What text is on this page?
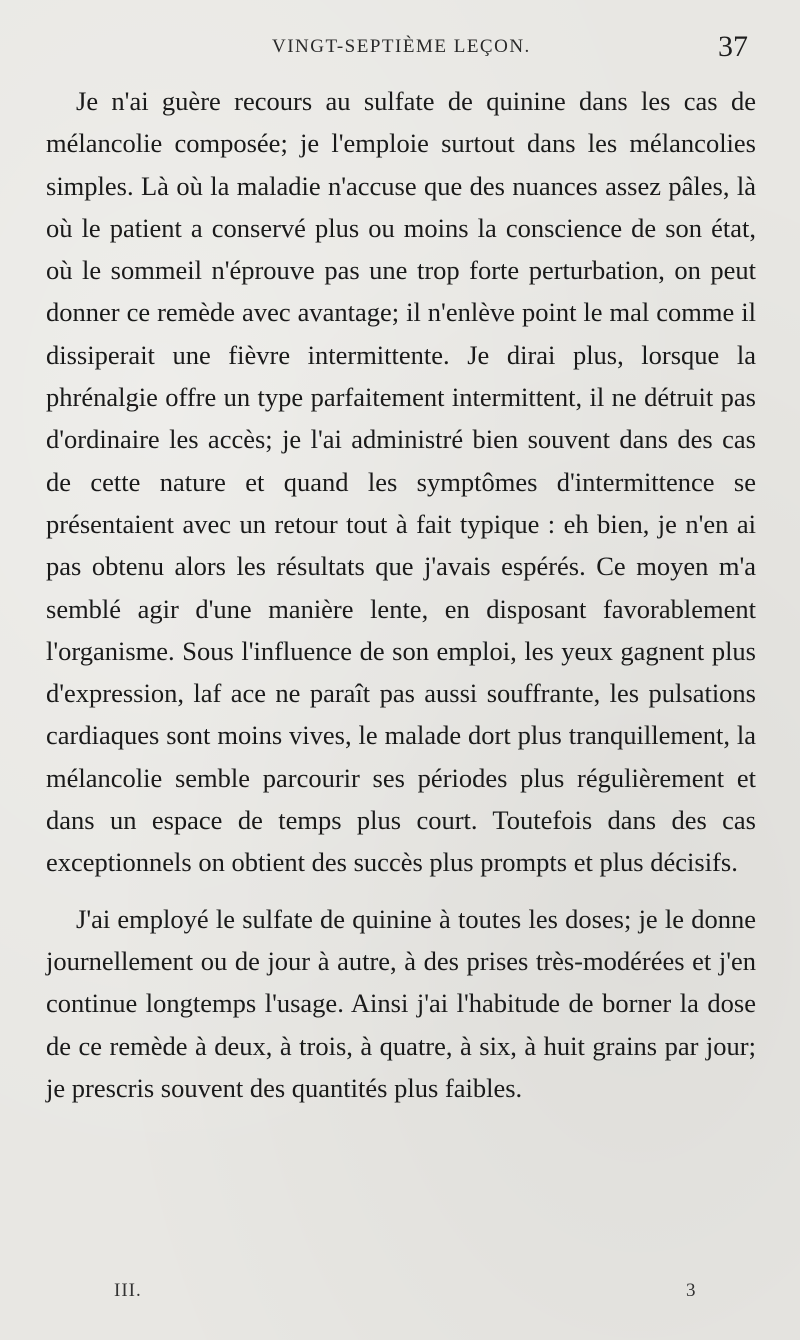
VINGT-SEPTIÈME LEÇON.	37

Je n'ai guère recours au sulfate de quinine dans les cas de mélancolie composée; je l'emploie surtout dans les mélancolies simples. Là où la maladie n'accuse que des nuances assez pâles, là où le patient a conservé plus ou moins la conscience de son état, où le sommeil n'éprouve pas une trop forte perturbation, on peut donner ce remède avec avantage; il n'enlève point le mal comme il dissiperait une fièvre intermittente. Je dirai plus, lorsque la phrénalgie offre un type parfaitement intermittent, il ne détruit pas d'ordinaire les accès; je l'ai administré bien souvent dans des cas de cette nature et quand les symptômes d'intermittence se présentaient avec un retour tout à fait typique : eh bien, je n'en ai pas obtenu alors les résultats que j'avais espérés. Ce moyen m'a semblé agir d'une manière lente, en disposant favorablement l'organisme. Sous l'influence de son emploi, les yeux gagnent plus d'expression, laf ace ne paraît pas aussi souffrante, les pulsations cardiaques sont moins vives, le malade dort plus tranquillement, la mélancolie semble parcourir ses périodes plus régulièrement et dans un espace de temps plus court. Toutefois dans des cas exceptionnels on obtient des succès plus prompts et plus décisifs.

J'ai employé le sulfate de quinine à toutes les doses; je le donne journellement ou de jour à autre, à des prises très-modérées et j'en continue longtemps l'usage. Ainsi j'ai l'habitude de borner la dose de ce remède à deux, à trois, à quatre, à six, à huit grains par jour; je prescris souvent des quantités plus faibles.

III.	3
